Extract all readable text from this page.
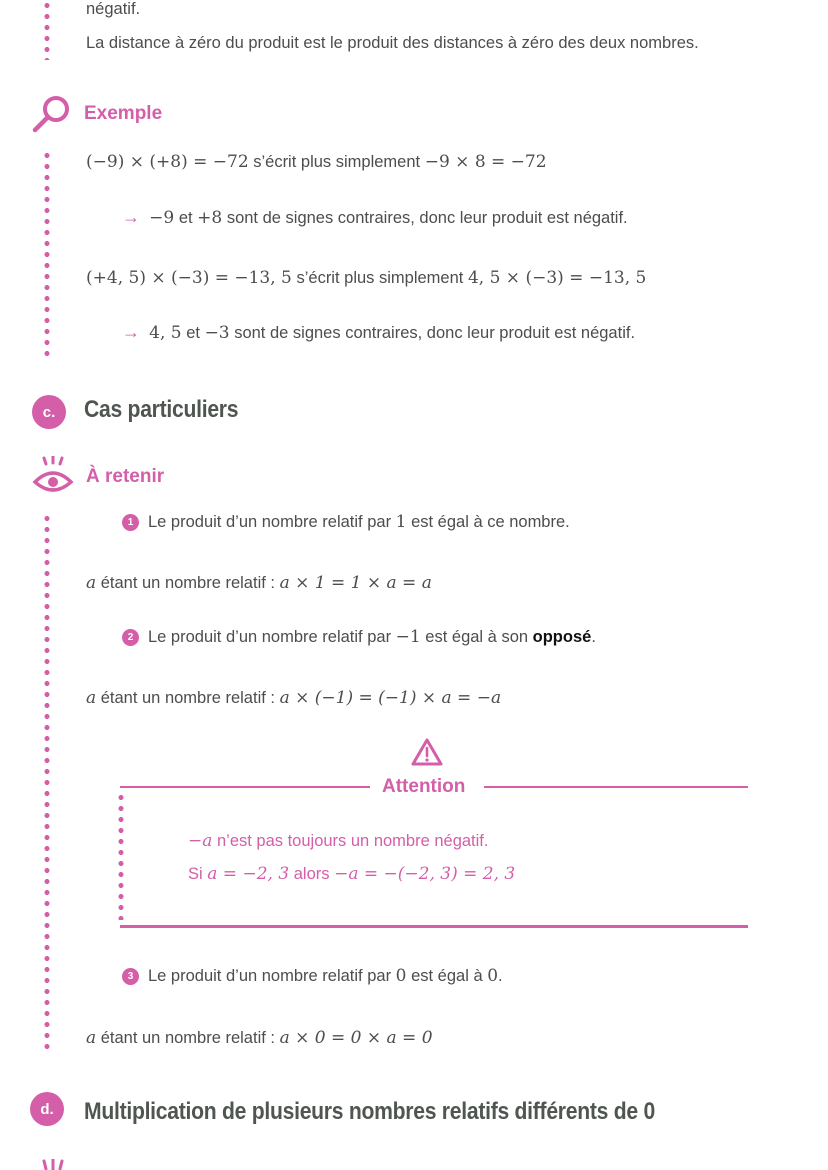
négatif.
La distance à zéro du produit est le produit des distances à zéro des deux nombres.
Exemple
(−9) × (+8) = −72 s’écrit plus simplement −9 × 8 = −72
→ −9 et +8 sont de signes contraires, donc leur produit est négatif.
(+4, 5) × (−3) = −13, 5 s’écrit plus simplement 4, 5 × (−3) = −13, 5
→ 4, 5 et −3 sont de signes contraires, donc leur produit est négatif.
c.	Cas particuliers
À retenir
1 Le produit d’un nombre relatif par 1 est égal à ce nombre.
a étant un nombre relatif : a × 1 = 1 × a = a
2 Le produit d’un nombre relatif par −1 est égal à son opposé.
a étant un nombre relatif : a × (−1) = (−1) × a = −a
Attention
−a n’est pas toujours un nombre négatif.
Si a = −2, 3 alors −a = −(−2, 3) = 2, 3
3 Le produit d’un nombre relatif par 0 est égal à 0.
a étant un nombre relatif : a × 0 = 0 × a = 0
d.	Multiplication de plusieurs nombres relatifs différents de 0
